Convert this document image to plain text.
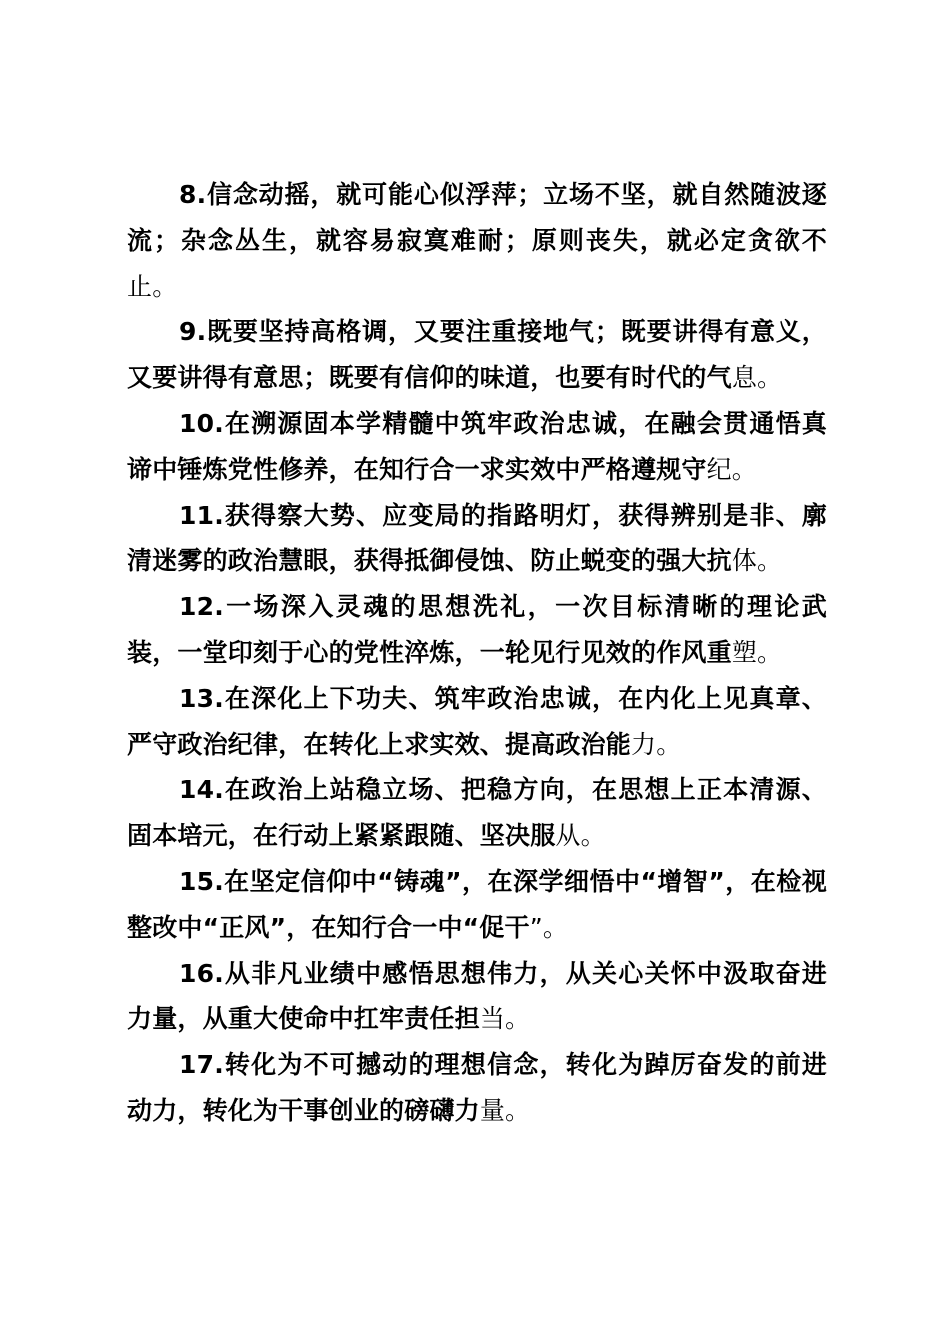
8.信念动摇，就可能心似浮萍；立场不坚，就自然随波逐流；杂念丛生，就容易寂寞难耐；原则丧失，就必定贪欲不止。

9.既要坚持高格调，又要注重接地气；既要讲得有意义，又要讲得有意思；既要有信仰的味道，也要有时代的气息。

10.在溯源固本学精髓中筑牢政治忠诚，在融会贯通悟真谛中锤炼党性修养，在知行合一求实效中严格遵规守纪。

11.获得察大势、应变局的指路明灯，获得辨别是非、廓清迷雾的政治慧眼，获得抵御侵蚀、防止蜕变的强大抗体。

12.一场深入灵魂的思想洗礼，一次目标清晰的理论武装，一堂印刻于心的党性淬炼，一轮见行见效的作风重塑。

13.在深化上下功夫、筑牢政治忠诚，在内化上见真章、严守政治纪律，在转化上求实效、提高政治能力。

14.在政治上站稳立场、把稳方向，在思想上正本清源、固本培元，在行动上紧紧跟随、坚决服从。

15.在坚定信仰中“铸魂”，在深学细悟中“增智”，在检视整改中“正风”，在知行合一中“促干”。

16.从非凡业绩中感悟思想伟力，从关心关怀中汲取奋进力量，从重大使命中扛牢责任担当。

17.转化为不可撼动的理想信念，转化为踔厉奋发的前进动力，转化为干事创业的磅礴力量。
